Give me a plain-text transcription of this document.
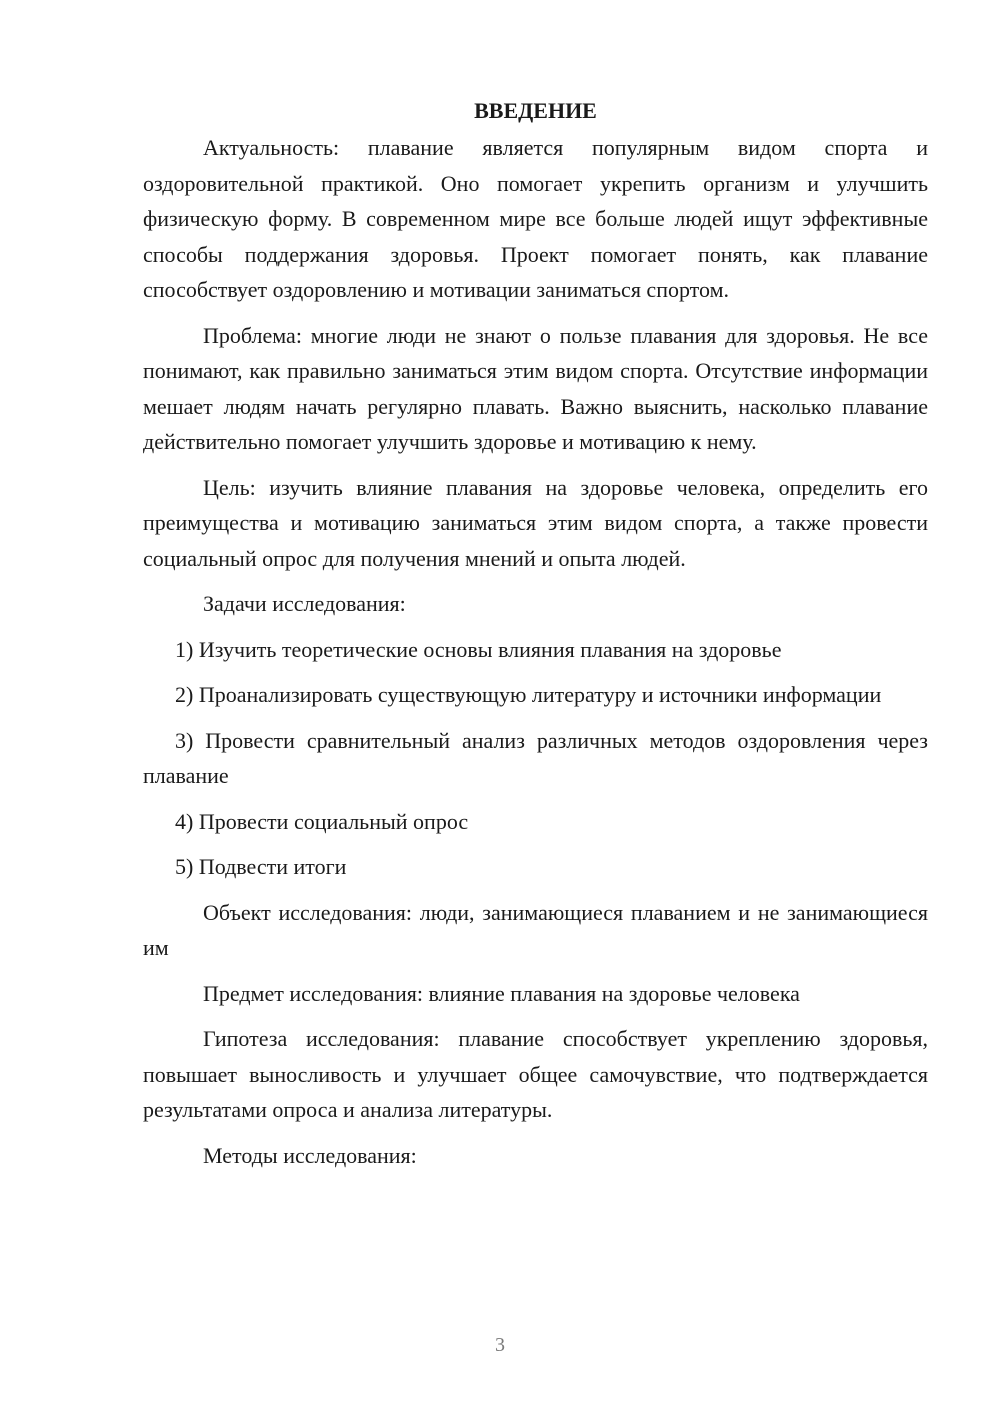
ВВЕДЕНИЕ

Актуальность: плавание является популярным видом спорта и оздоровительной практикой. Оно помогает укрепить организм и улучшить физическую форму. В современном мире все больше людей ищут эффективные способы поддержания здоровья. Проект помогает понять, как плавание способствует оздоровлению и мотивации заниматься спортом.

Проблема: многие люди не знают о пользе плавания для здоровья. Не все понимают, как правильно заниматься этим видом спорта. Отсутствие информации мешает людям начать регулярно плавать. Важно выяснить, насколько плавание действительно помогает улучшить здоровье и мотивацию к нему.

Цель: изучить влияние плавания на здоровье человека, определить его преимущества и мотивацию заниматься этим видом спорта, а также провести социальный опрос для получения мнений и опыта людей.

Задачи исследования:

1) Изучить теоретические основы влияния плавания на здоровье

2) Проанализировать существующую литературу и источники информации

3) Провести сравнительный анализ различных методов оздоровления через плавание

4) Провести социальный опрос

5) Подвести итоги

Объект исследования: люди, занимающиеся плаванием и не занимающиеся им

Предмет исследования: влияние плавания на здоровье человека

Гипотеза исследования: плавание способствует укреплению здоровья, повышает выносливость и улучшает общее самочувствие, что подтверждается результатами опроса и анализа литературы.

Методы исследования:

3
